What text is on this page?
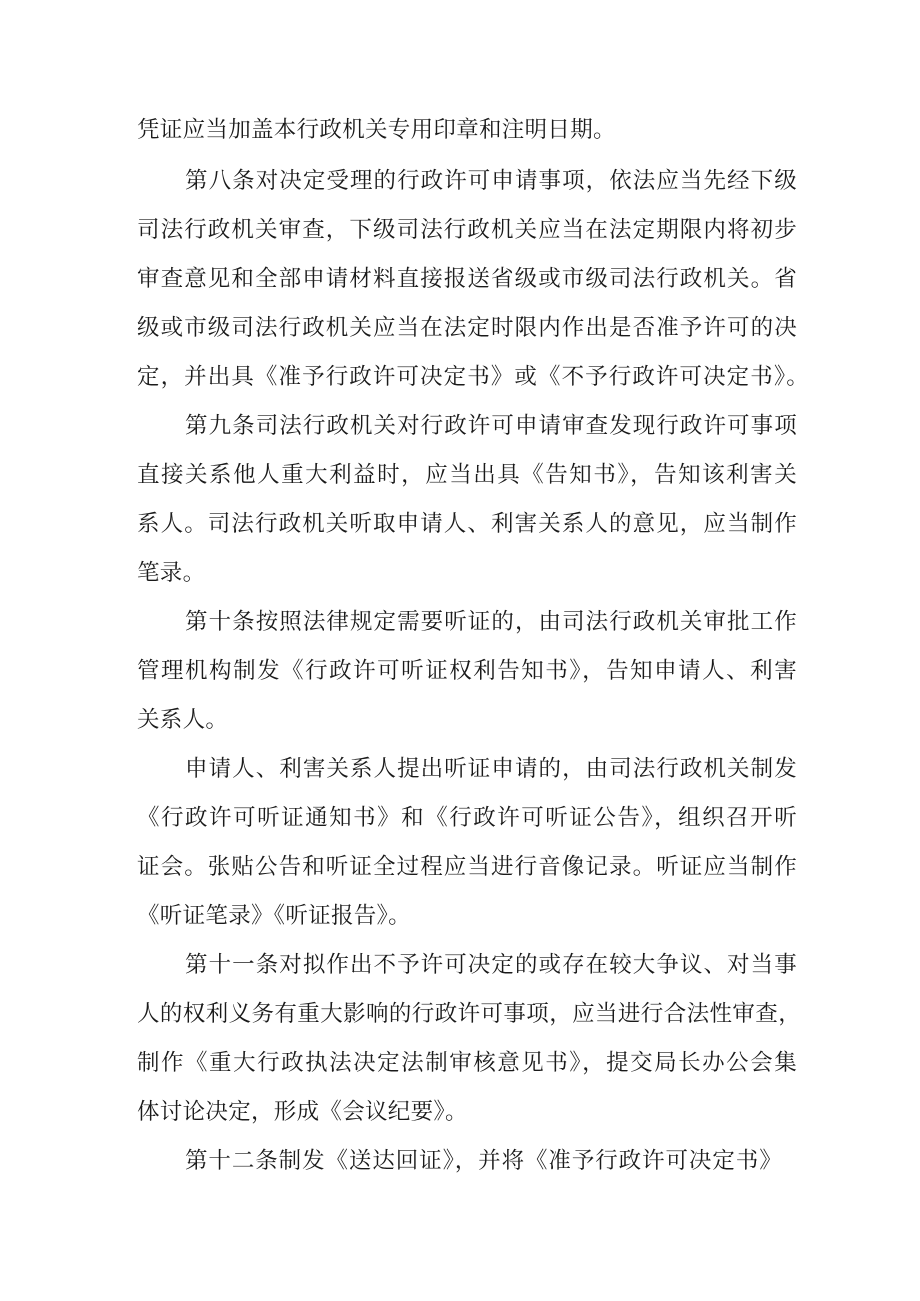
凭证应当加盖本行政机关专用印章和注明日期。
第八条对决定受理的行政许可申请事项，依法应当先经下级
司法行政机关审查，下级司法行政机关应当在法定期限内将初步
审查意见和全部申请材料直接报送省级或市级司法行政机关。省
级或市级司法行政机关应当在法定时限内作出是否准予许可的决
定，并出具《准予行政许可决定书》或《不予行政许可决定书》。
第九条司法行政机关对行政许可申请审查发现行政许可事项
直接关系他人重大利益时，应当出具《告知书》，告知该利害关
系人。司法行政机关听取申请人、利害关系人的意见，应当制作
笔录。
第十条按照法律规定需要听证的，由司法行政机关审批工作
管理机构制发《行政许可听证权利告知书》，告知申请人、利害
关系人。
申请人、利害关系人提出听证申请的，由司法行政机关制发
《行政许可听证通知书》和《行政许可听证公告》，组织召开听
证会。张贴公告和听证全过程应当进行音像记录。听证应当制作
《听证笔录》《听证报告》。
第十一条对拟作出不予许可决定的或存在较大争议、对当事
人的权利义务有重大影响的行政许可事项，应当进行合法性审查，
制作《重大行政执法决定法制审核意见书》，提交局长办公会集
体讨论决定，形成《会议纪要》。
第十二条制发《送达回证》，并将《准予行政许可决定书》
